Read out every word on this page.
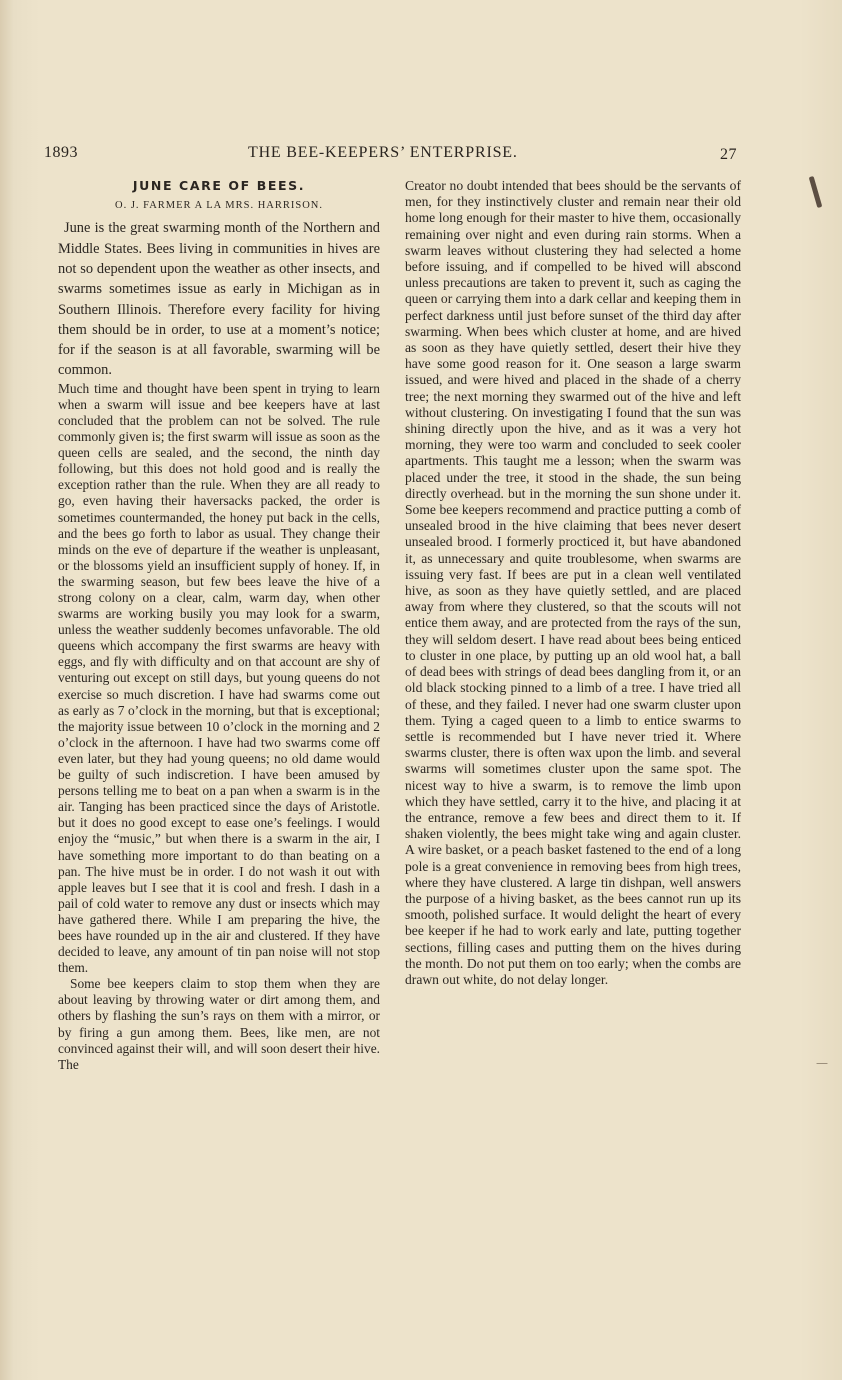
1893	THE BEE-KEEPERS’ ENTERPRISE.	27
JUNE CARE OF BEES.
O. J. FARMER A LA MRS. HARRISON.

June is the great swarming month of the Northern and Middle States. Bees living in communities in hives are not so dependent upon the weather as other insects, and swarms sometimes issue as early in Michigan as in Southern Illinois. Therefore every facility for hiving them should be in order, to use at a moment’s notice; for if the season is at all favorable, swarming will be common.

Much time and thought have been spent in trying to learn when a swarm will issue and bee keepers have at last concluded that the problem can not be solved. The rule commonly given is; the first swarm will issue as soon as the queen cells are sealed, and the second, the ninth day following, but this does not hold good and is really the exception rather than the rule. When they are all ready to go, even having their haversacks packed, the order is sometimes countermanded, the honey put back in the cells, and the bees go forth to labor as usual. They change their minds on the eve of departure if the weather is unpleasant, or the blossoms yield an insufficient supply of honey. If, in the swarming season, but few bees leave the hive of a strong colony on a clear, calm, warm day, when other swarms are working busily you may look for a swarm, unless the weather suddenly becomes unfavorable. The old queens which accompany the first swarms are heavy with eggs, and fly with difficulty and on that account are shy of venturing out except on still days, but young queens do not exercise so much discretion. I have had swarms come out as early as 7 o’clock in the morning, but that is exceptional; the majority issue between 10 o’clock in the morning and 2 o’clock in the afternoon. I have had two swarms come off even later, but they had young queens; no old dame would be guilty of such indiscretion. I have been amused by persons telling me to beat on a pan when a swarm is in the air. Tanging has been practiced since the days of Aristotle. but it does no good except to ease one’s feelings. I would enjoy the “music,” but when there is a swarm in the air, I have something more important to do than beating on a pan. The hive must be in order. I do not wash it out with apple leaves but I see that it is cool and fresh. I dash in a pail of cold water to remove any dust or insects which may have gathered there. While I am preparing the hive, the bees have rounded up in the air and clustered. If they have decided to leave, any amount of tin pan noise will not stop them.

Some bee keepers claim to stop them when they are about leaving by throwing water or dirt among them, and others by flashing the sun’s rays on them with a mirror, or by firing a gun among them. Bees, like men, are not convinced against their will, and will soon desert their hive. The

Creator no doubt intended that bees should be the servants of men, for they instinctively cluster and remain near their old home long enough for their master to hive them, occasionally remaining over night and even during rain storms. When a swarm leaves without clustering they had selected a home before issuing, and if compelled to be hived will abscond unless precautions are taken to prevent it, such as caging the queen or carrying them into a dark cellar and keeping them in perfect darkness until just before sunset of the third day after swarming. When bees which cluster at home, and are hived as soon as they have quietly settled, desert their hive they have some good reason for it. One season a large swarm issued, and were hived and placed in the shade of a cherry tree; the next morning they swarmed out of the hive and left without clustering. On investigating I found that the sun was shining directly upon the hive, and as it was a very hot morning, they were too warm and concluded to seek cooler apartments. This taught me a lesson; when the swarm was placed under the tree, it stood in the shade, the sun being directly overhead. but in the morning the sun shone under it. Some bee keepers recommend and practice putting a comb of unsealed brood in the hive claiming that bees never desert unsealed brood. I formerly procticed it, but have abandoned it, as unnecessary and quite troublesome, when swarms are issuing very fast. If bees are put in a clean well ventilated hive, as soon as they have quietly settled, and are placed away from where they clustered, so that the scouts will not entice them away, and are protected from the rays of the sun, they will seldom desert. I have read about bees being enticed to cluster in one place, by putting up an old wool hat, a ball of dead bees with strings of dead bees dangling from it, or an old black stocking pinned to a limb of a tree. I have tried all of these, and they failed. I never had one swarm cluster upon them. Tying a caged queen to a limb to entice swarms to settle is recommended but I have never tried it. Where swarms cluster, there is often wax upon the limb. and several swarms will sometimes cluster upon the same spot. The nicest way to hive a swarm, is to remove the limb upon which they have settled, carry it to the hive, and placing it at the entrance, remove a few bees and direct them to it. If shaken violently, the bees might take wing and again cluster. A wire basket, or a peach basket fastened to the end of a long pole is a great convenience in removing bees from high trees, where they have clustered. A large tin dishpan, well answers the purpose of a hiving basket, as the bees cannot run up its smooth, polished surface. It would delight the heart of every bee keeper if he had to work early and late, putting together sections, filling cases and putting them on the hives during the month. Do not put them on too early; when the combs are drawn out white, do not delay longer.

—
